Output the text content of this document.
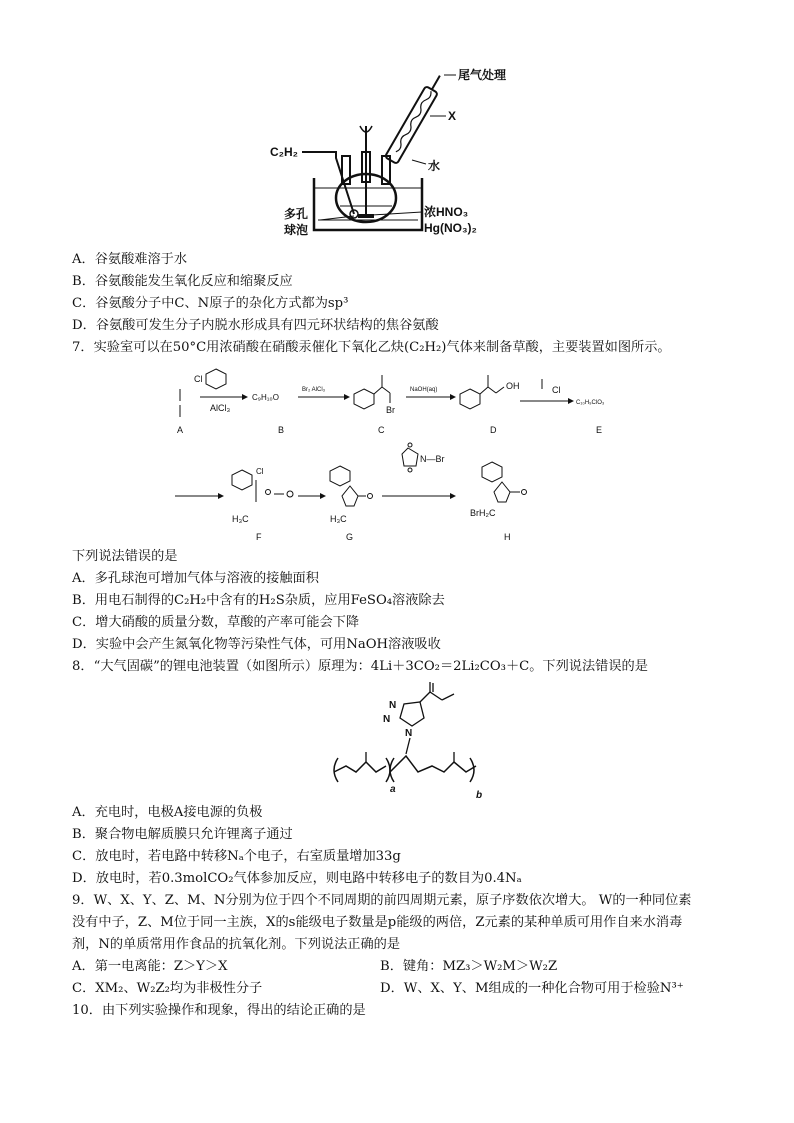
尾气处理
X
水
C₂H₂
多孔
球泡
浓HNO₃
Hg(NO₃)₂
A．谷氨酸难溶于水
B．谷氨酸能发生氧化反应和缩聚反应
C．谷氨酸分子中C、N原子的杂化方式都为sp³
D．谷氨酸可发生分子内脱水形成具有四元环状结构的焦谷氨酸
7．实验室可以在50°C用浓硝酸在硝酸汞催化下氧化乙炔(C₂H₂)气体来制备草酸，主要装置如图所示。
Cl
A
AlCl₃
C₉H₁₀O
B
Br₂ AlCl₃
Br
C
NaOH(aq)	OH
D
Cl
C₁₀H₉ClO₃
E
Cl
H₃C
F
H₃C
G
N—Br
BrH₂C
H
下列说法错误的是
A．多孔球泡可增加气体与溶液的接触面积
B．用电石制得的C₂H₂中含有的H₂S杂质，应用FeSO₄溶液除去
C．增大硝酸的质量分数，草酸的产率可能会下降
D．实验中会产生氮氧化物等污染性气体，可用NaOH溶液吸收
8．“大气固碳”的锂电池装置（如图所示）原理为：4Li＋3CO₂＝2Li₂CO₃＋C。下列说法错误的是
N
N
N
a
b
A．充电时，电极A接电源的负极
B．聚合物电解质膜只允许锂离子通过
C．放电时，若电路中转移Nₐ个电子，右室质量增加33g
D．放电时，若0.3molCO₂气体参加反应，则电路中转移电子的数目为0.4Nₐ
9．W、X、Y、Z、M、N分别为位于四个不同周期的前四周期元素，原子序数依次增大。 W的一种同位素
没有中子，Z、M位于同一主族，X的s能级电子数量是p能级的两倍，Z元素的某种单质可用作自来水消毒
剂，N的单质常用作食品的抗氧化剂。下列说法正确的是
A．第一电离能：Z＞Y＞X	B．键角：MZ₃＞W₂M＞W₂Z
C．XM₂、W₂Z₂均为非极性分子	D．W、X、Y、M组成的一种化合物可用于检验N³⁺
10．由下列实验操作和现象，得出的结论正确的是
